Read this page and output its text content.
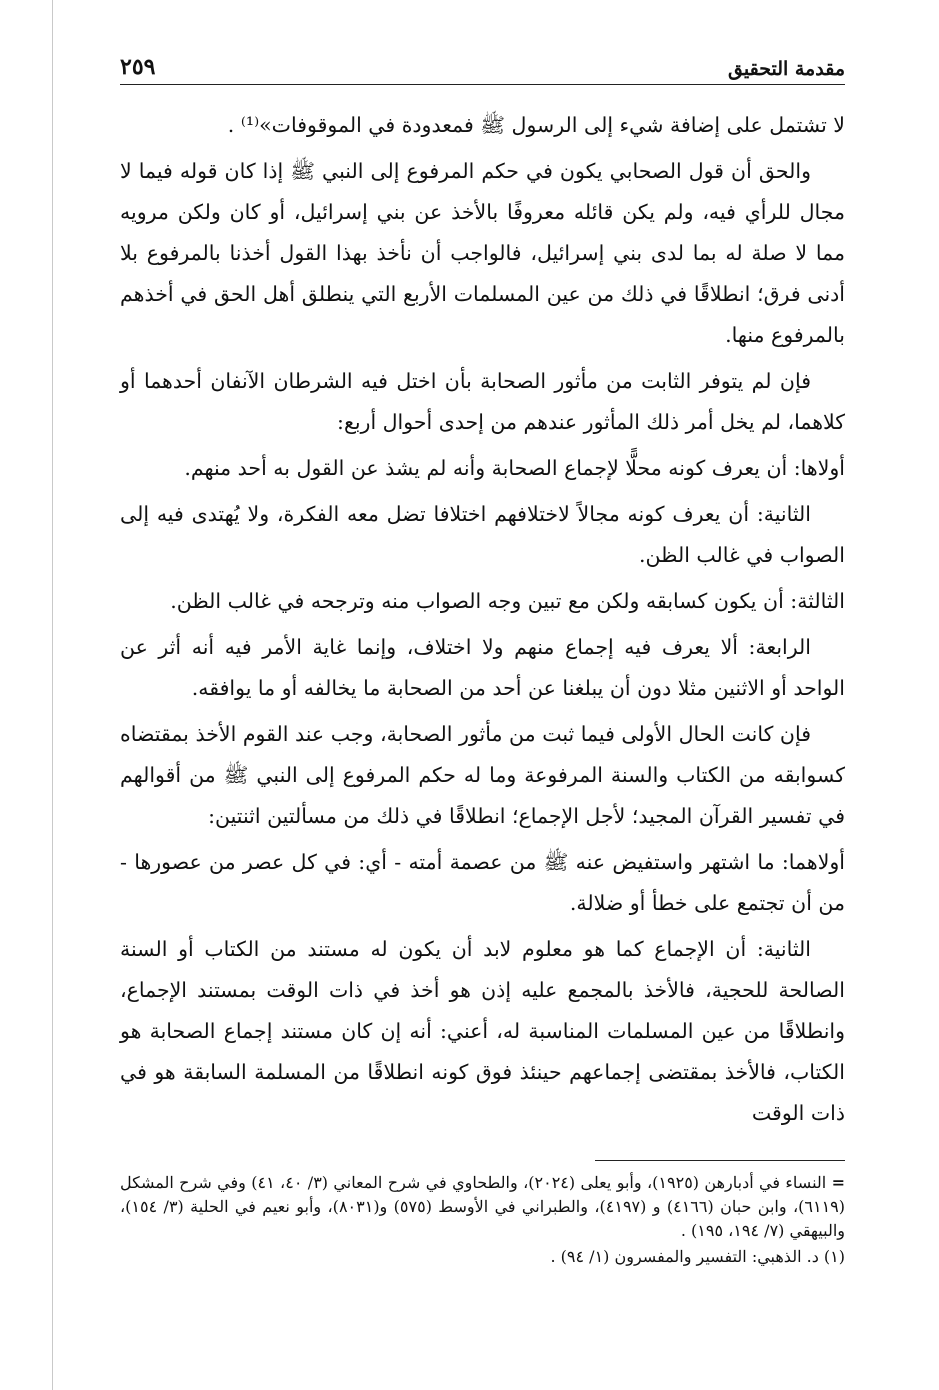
مقدمة التحقيق
٢٥٩

لا تشتمل على إضافة شيء إلى الرسول ﷺ فمعدودة في الموقوفات»⁽¹⁾ .

والحق أن قول الصحابي يكون في حكم المرفوع إلى النبي ﷺ إذا كان قوله فيما لا مجال للرأي فيه، ولم يكن قائله معروفًا بالأخذ عن بني إسرائيل، أو كان ولكن مرويه مما لا صلة له بما لدى بني إسرائيل، فالواجب أن نأخذ بهذا القول أخذنا بالمرفوع بلا أدنى فرق؛ انطلاقًا في ذلك من عين المسلمات الأربع التي ينطلق أهل الحق في أخذهم بالمرفوع منها.

فإن لم يتوفر الثابت من مأثور الصحابة بأن اختل فيه الشرطان الآنفان أحدهما أو كلاهما، لم يخل أمر ذلك المأثور عندهم من إحدى أحوال أربع:

أولاها: أن يعرف كونه محلًّا لإجماع الصحابة وأنه لم يشذ عن القول به أحد منهم.

الثانية: أن يعرف كونه مجالاً لاختلافهم اختلافا تضل معه الفكرة، ولا يُهتدى فيه إلى الصواب في غالب الظن.

الثالثة: أن يكون كسابقه ولكن مع تبين وجه الصواب منه وترجحه في غالب الظن.

الرابعة: ألا يعرف فيه إجماع منهم ولا اختلاف، وإنما غاية الأمر فيه أنه أثر عن الواحد أو الاثنين مثلا دون أن يبلغنا عن أحد من الصحابة ما يخالفه أو ما يوافقه.

فإن كانت الحال الأولى فيما ثبت من مأثور الصحابة، وجب عند القوم الأخذ بمقتضاه كسوابقه من الكتاب والسنة المرفوعة وما له حكم المرفوع إلى النبي ﷺ من أقوالهم في تفسير القرآن المجيد؛ لأجل الإجماع؛ انطلاقًا في ذلك من مسألتين اثنتين:

أولاهما: ما اشتهر واستفيض عنه ﷺ من عصمة أمته - أي: في كل عصر من عصورها - من أن تجتمع على خطأ أو ضلالة.

الثانية: أن الإجماع كما هو معلوم لابد أن يكون له مستند من الكتاب أو السنة الصالحة للحجية، فالأخذ بالمجمع عليه إذن هو أخذ في ذات الوقت بمستند الإجماع، وانطلاقًا من عين المسلمات المناسبة له، أعني: أنه إن كان مستند إجماع الصحابة هو الكتاب، فالأخذ بمقتضى إجماعهم حينئذ فوق كونه انطلاقًا من المسلمة السابقة هو في ذات الوقت

= النساء في أدبارهن (١٩٢٥)، وأبو يعلى (٢٠٢٤)، والطحاوي في شرح المعاني (٣/ ٤٠، ٤١) وفي شرح المشكل (٦١١٩)، وابن حبان (٤١٦٦) و (٤١٩٧)، والطبراني في الأوسط (٥٧٥) و(٨٠٣١)، وأبو نعيم في الحلية (٣/ ١٥٤)، والبيهقي (٧/ ١٩٤، ١٩٥) .

(١) د. الذهبي: التفسير والمفسرون (١/ ٩٤) .
